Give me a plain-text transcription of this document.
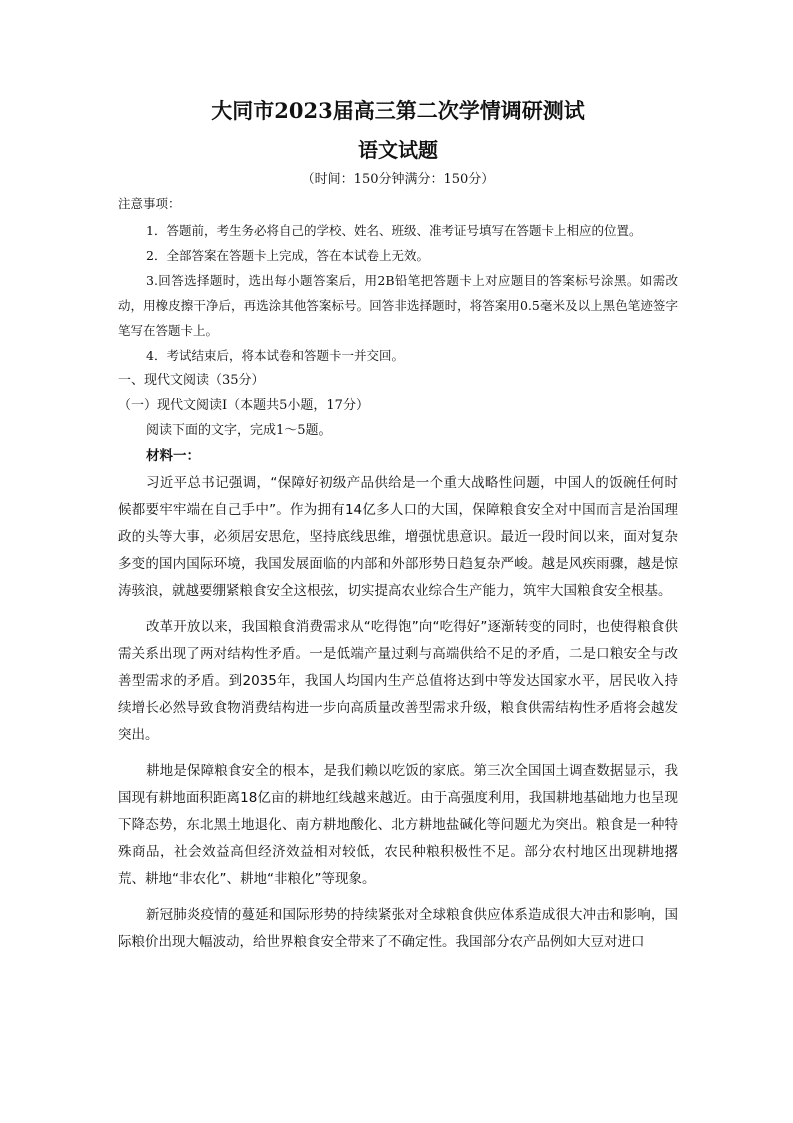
大同市2023届高三第二次学情调研测试
语文试题
（时间：150分钟满分：150分）
注意事项：

1．答题前，考生务必将自己的学校、姓名、班级、准考证号填写在答题卡上相应的位置。

2．全部答案在答题卡上完成，答在本试卷上无效。

3.回答选择题时，选出每小题答案后，用2B铅笔把答题卡上对应题目的答案标号涂黑。如需改动，用橡皮擦干净后，再选涂其他答案标号。回答非选择题时，将答案用0.5毫米及以上黑色笔迹签字笔写在答题卡上。

4．考试结束后，将本试卷和答题卡一并交回。

一、现代文阅读（35分）

（一）现代文阅读Ⅰ（本题共5小题，17分）

阅读下面的文字，完成1～5题。

材料一：

习近平总书记强调，“保障好初级产品供给是一个重大战略性问题，中国人的饭碗任何时候都要牢牢端在自己手中”。作为拥有14亿多人口的大国，保障粮食安全对中国而言是治国理政的头等大事，必须居安思危，坚持底线思维，增强忧患意识。最近一段时间以来，面对复杂多变的国内国际环境，我国发展面临的内部和外部形势日趋复杂严峻。越是风疾雨骤，越是惊涛骇浪，就越要绷紧粮食安全这根弦，切实提高农业综合生产能力，筑牢大国粮食安全根基。

改革开放以来，我国粮食消费需求从“吃得饱”向“吃得好”逐渐转变的同时，也使得粮食供需关系出现了两对结构性矛盾。一是低端产量过剩与高端供给不足的矛盾，二是口粮安全与改善型需求的矛盾。到2035年，我国人均国内生产总值将达到中等发达国家水平，居民收入持续增长必然导致食物消费结构进一步向高质量改善型需求升级，粮食供需结构性矛盾将会越发突出。

耕地是保障粮食安全的根本，是我们赖以吃饭的家底。第三次全国国土调查数据显示，我国现有耕地面积距离18亿亩的耕地红线越来越近。由于高强度利用，我国耕地基础地力也呈现下降态势，东北黑土地退化、南方耕地酸化、北方耕地盐碱化等问题尤为突出。粮食是一种特殊商品，社会效益高但经济效益相对较低，农民种粮积极性不足。部分农村地区出现耕地撂荒、耕地“非农化”、耕地“非粮化”等现象。

新冠肺炎疫情的蔓延和国际形势的持续紧张对全球粮食供应体系造成很大冲击和影响，国际粮价出现大幅波动，给世界粮食安全带来了不确定性。我国部分农产品例如大豆对进口
